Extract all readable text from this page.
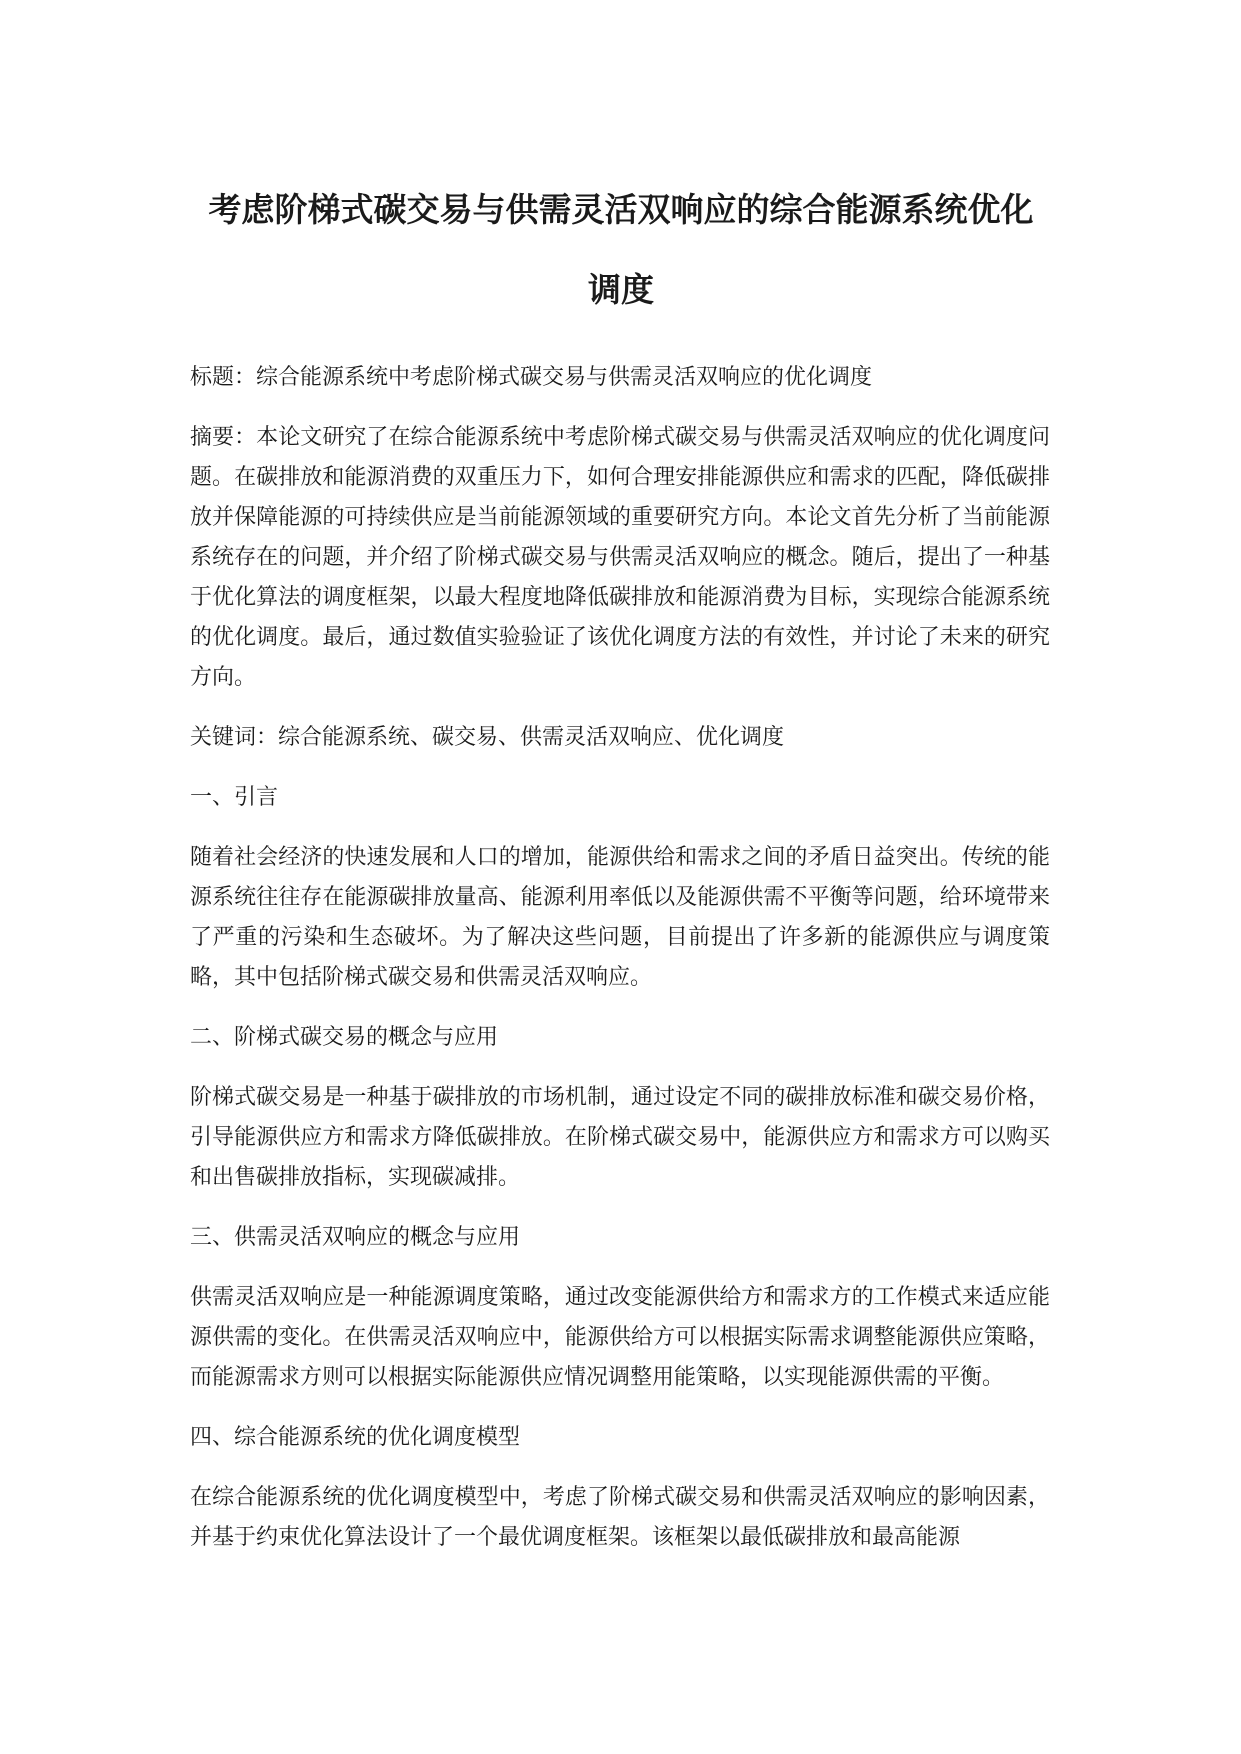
考虑阶梯式碳交易与供需灵活双响应的综合能源系统优化
调度

标题：综合能源系统中考虑阶梯式碳交易与供需灵活双响应的优化调度

摘要：本论文研究了在综合能源系统中考虑阶梯式碳交易与供需灵活双响应的优化调度问题。在碳排放和能源消费的双重压力下，如何合理安排能源供应和需求的匹配，降低碳排放并保障能源的可持续供应是当前能源领域的重要研究方向。本论文首先分析了当前能源系统存在的问题，并介绍了阶梯式碳交易与供需灵活双响应的概念。随后，提出了一种基于优化算法的调度框架，以最大程度地降低碳排放和能源消费为目标，实现综合能源系统的优化调度。最后，通过数值实验验证了该优化调度方法的有效性，并讨论了未来的研究方向。

关键词：综合能源系统、碳交易、供需灵活双响应、优化调度

一、引言

随着社会经济的快速发展和人口的增加，能源供给和需求之间的矛盾日益突出。传统的能源系统往往存在能源碳排放量高、能源利用率低以及能源供需不平衡等问题，给环境带来了严重的污染和生态破坏。为了解决这些问题，目前提出了许多新的能源供应与调度策略，其中包括阶梯式碳交易和供需灵活双响应。

二、阶梯式碳交易的概念与应用

阶梯式碳交易是一种基于碳排放的市场机制，通过设定不同的碳排放标准和碳交易价格，引导能源供应方和需求方降低碳排放。在阶梯式碳交易中，能源供应方和需求方可以购买和出售碳排放指标，实现碳减排。

三、供需灵活双响应的概念与应用

供需灵活双响应是一种能源调度策略，通过改变能源供给方和需求方的工作模式来适应能源供需的变化。在供需灵活双响应中，能源供给方可以根据实际需求调整能源供应策略，而能源需求方则可以根据实际能源供应情况调整用能策略，以实现能源供需的平衡。

四、综合能源系统的优化调度模型

在综合能源系统的优化调度模型中，考虑了阶梯式碳交易和供需灵活双响应的影响因素，并基于约束优化算法设计了一个最优调度框架。该框架以最低碳排放和最高能源
